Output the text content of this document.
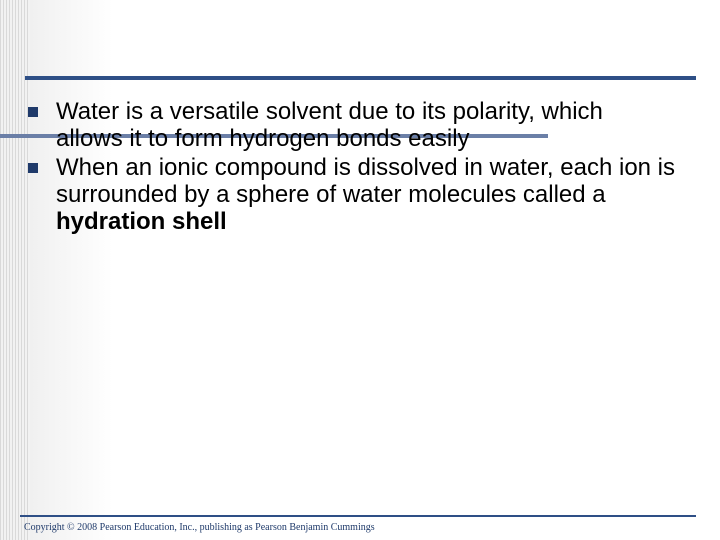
Water is a versatile solvent due to its polarity, which allows it to form hydrogen bonds easily
When an ionic compound is dissolved in water, each ion is surrounded by a sphere of water molecules called a hydration shell
Copyright © 2008 Pearson Education, Inc., publishing as Pearson Benjamin Cummings
